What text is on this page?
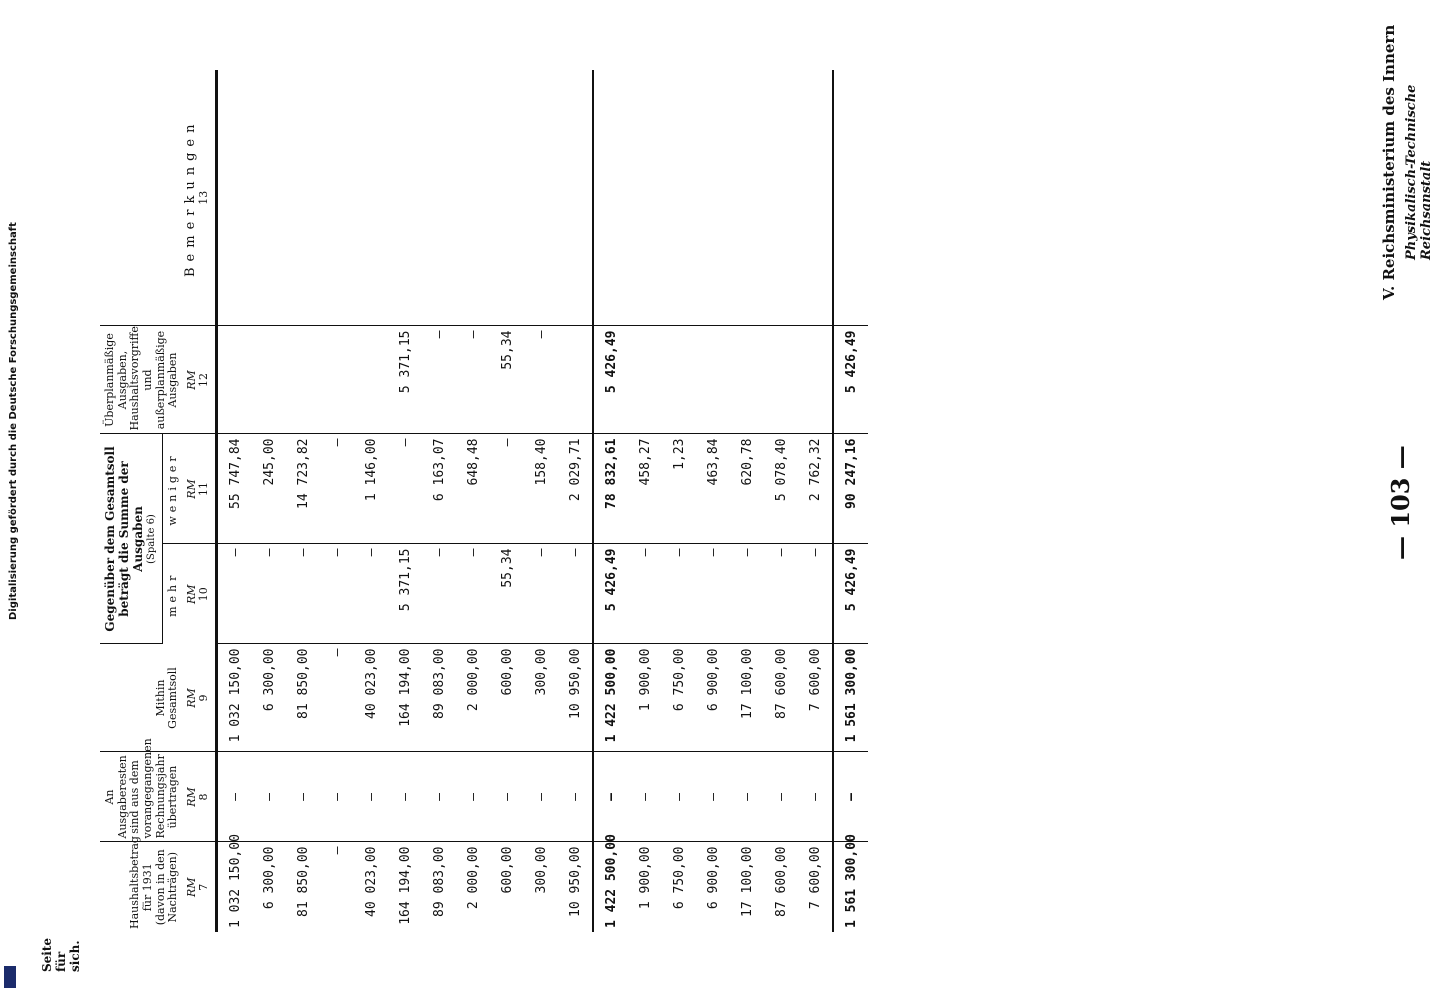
Digitalisierung gefördert durch die Deutsche Forschungsgemeinschaft	— 103 —
V. Reichsministerium des Innern Physikalisch-Technische Reichsanstalt
Haushaltsbetrag für 1931 (davon in den Nachträgen) RM 7	An Ausgaberesten sind aus dem vorangegangenen Rechnungsjahr übertragen RM 8	Mithin Gesamtsoll RM 9	Gegenüber dem Gesamtsoll beträgt die Summe der Ausgaben (Spalte 6)		Überplanmäßige Ausgaben, Haushaltsvorgriffe und außerplanmäßige Ausgaben RM 12	Bemerkungen
13
			mehr RM 10	weniger RM 11		
1 032 150,00	—	1 032 150,00	—	55 747,84		
6 300,00	—	6 300,00	—	245,00		
81 850,00	—	81 850,00	—	14 723,82		
—	—	—	—	—		
40 023,00	—	40 023,00	—	1 146,00		
164 194,00	—	164 194,00	5 371,15	—	5 371,15	
89 083,00	—	89 083,00	—	6 163,07	—	
2 000,00	—	2 000,00	—	648,48	—	
600,00	—	600,00	55,34	—	55,34	
300,00	—	300,00	—	158,40	—	
10 950,00	—	10 950,00	—	2 029,71		
1 422 500,00	—	1 422 500,00	5 426,49	78 832,61	5 426,49	
1 900,00	—	1 900,00	—	458,27		
6 750,00	—	6 750,00	—	1,23		
6 900,00	—	6 900,00	—	463,84		
17 100,00	—	17 100,00	—	620,78		
87 600,00	—	87 600,00	—	5 078,40		
7 600,00	—	7 600,00	—	2 762,32		
1 561 300,00	—	1 561 300,00	5 426,49	90 247,16	5 426,49	
Seite für sich.
